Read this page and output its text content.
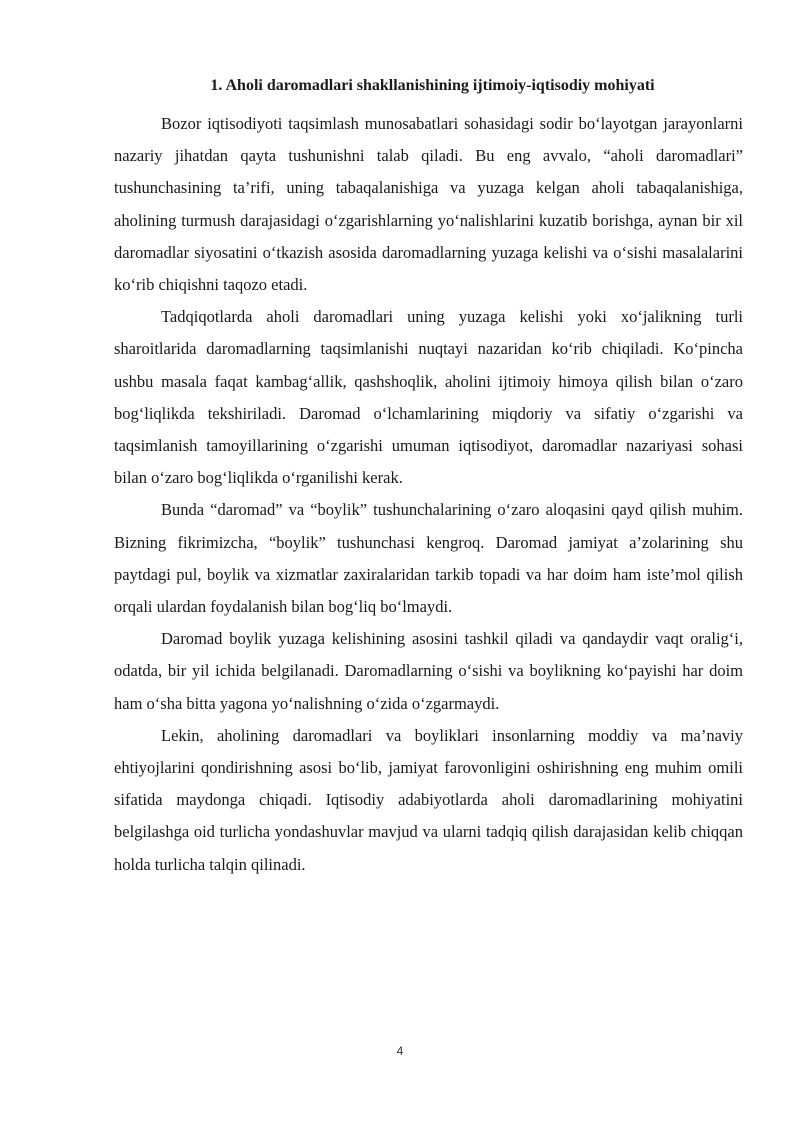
1. Aholi daromadlari shakllanishining ijtimoiy-iqtisodiy mohiyati

Bozor iqtisodiyoti taqsimlash munosabatlari sohasidagi sodir boʻlayotgan jarayonlarni nazariy jihatdan qayta tushunishni talab qiladi. Bu eng avvalo, “aholi daromadlari” tushunchasining ta’rifi, uning tabaqalanishiga va yuzaga kelgan aholi tabaqalanishiga, aholining turmush darajasidagi oʻzgarishlarning yoʻnalishlarini kuzatib borishga, aynan bir xil daromadlar siyosatini oʻtkazish asosida daromadlarning yuzaga kelishi va oʻsishi masalalarini koʻrib chiqishni taqozo etadi.

Tadqiqotlarda aholi daromadlari uning yuzaga kelishi yoki xoʻjalikning turli sharoitlarida daromadlarning taqsimlanishi nuqtayi nazaridan koʻrib chiqiladi. Koʻpincha ushbu masala faqat kambagʻallik, qashshoqlik, aholini ijtimoiy himoya qilish bilan oʻzaro bogʻliqlikda tekshiriladi. Daromad oʻlchamlarining miqdoriy va sifatiy oʻzgarishi va taqsimlanish tamoyillarining oʻzgarishi umuman iqtisodiyot, daromadlar nazariyasi sohasi bilan oʻzaro bogʻliqlikda oʻrganilishi kerak.

Bunda “daromad” va “boylik” tushunchalarining oʻzaro aloqasini qayd qilish muhim. Bizning fikrimizcha, “boylik” tushunchasi kengroq. Daromad jamiyat a’zolarining shu paytdagi pul, boylik va xizmatlar zaxiralaridan tarkib topadi va har doim ham iste’mol qilish orqali ulardan foydalanish bilan bogʻliq boʻlmaydi.

Daromad boylik yuzaga kelishining asosini tashkil qiladi va qandaydir vaqt oraligʻi, odatda, bir yil ichida belgilanadi. Daromadlarning oʻsishi va boylikning koʻpayishi har doim ham oʻsha bitta yagona yoʻnalishning oʻzida oʻzgarmaydi.

Lekin, aholining daromadlari va boyliklari insonlarning moddiy va ma’naviy ehtiyojlarini qondirishning asosi boʻlib, jamiyat farovonligini oshirishning eng muhim omili sifatida maydonga chiqadi. Iqtisodiy adabiyotlarda aholi daromadlarining mohiyatini belgilashga oid turlicha yondashuvlar mavjud va ularni tadqiq qilish darajasidan kelib chiqqan holda turlicha talqin qilinadi.

4
